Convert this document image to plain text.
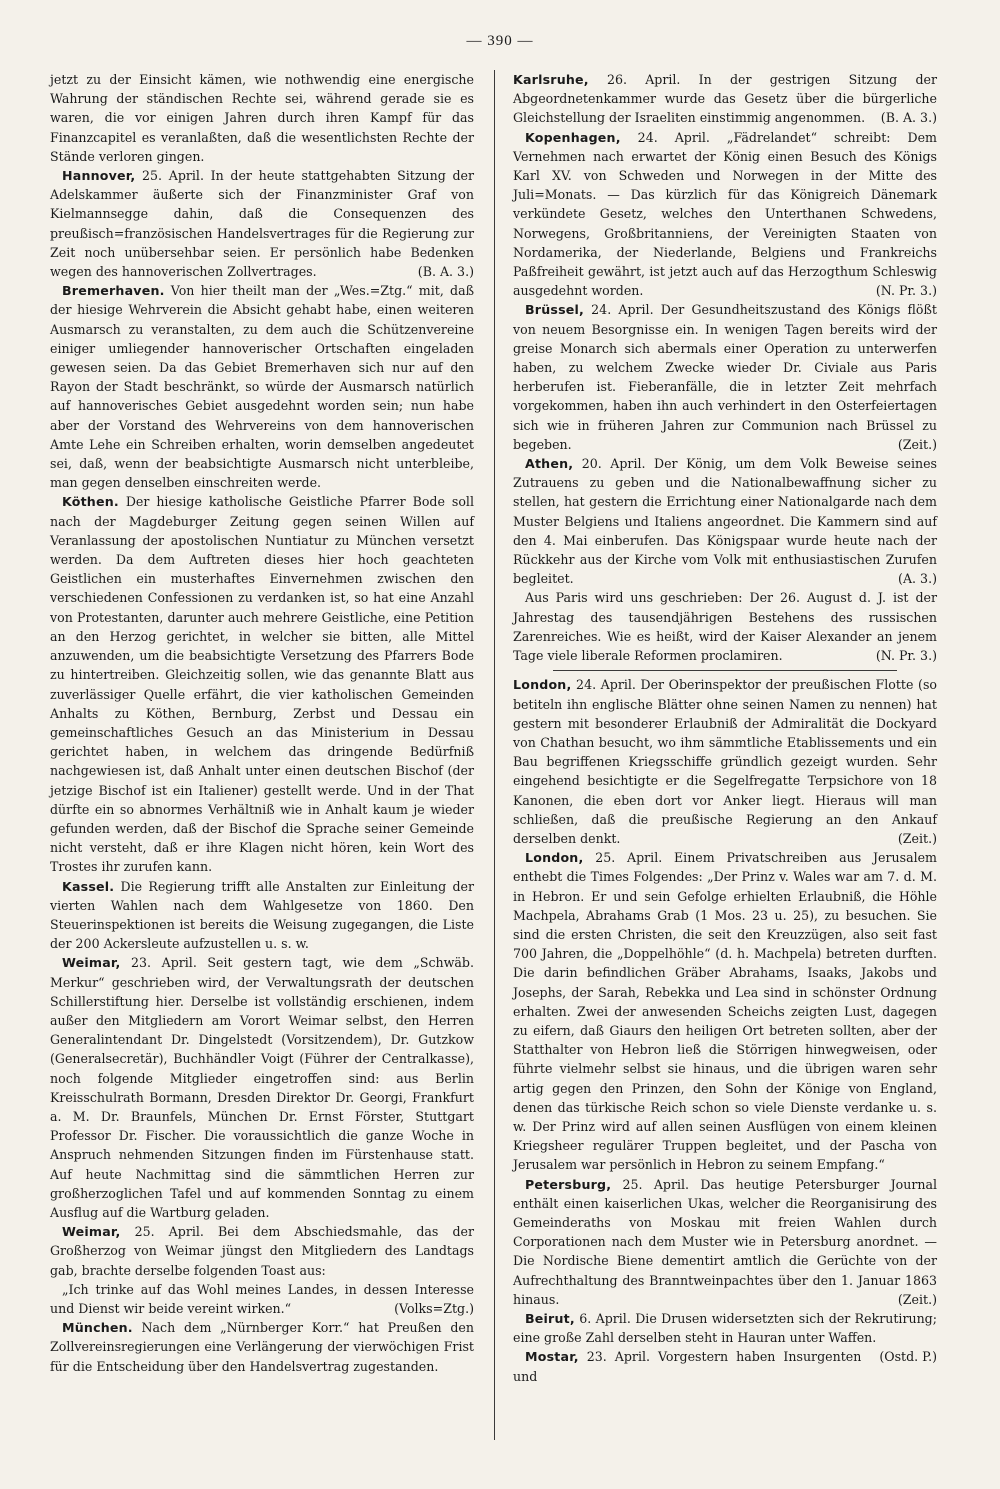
— 390 —

jetzt zu der Einsicht kämen, wie nothwendig eine energische Wahrung der ständischen Rechte sei, während gerade sie es waren, die vor einigen Jahren durch ihren Kampf für das Finanzcapitel es veranlaßten, daß die wesentlichsten Rechte der Stände verloren gingen.

Hannover, 25. April. In der heute stattgehabten Sitzung der Adelskammer äußerte sich der Finanzminister Graf von Kielmannsegge dahin, daß die Consequenzen des preußisch=französischen Handelsvertrages für die Regierung zur Zeit noch unübersehbar seien. Er persönlich habe Bedenken wegen des hannoverischen Zollvertrages.	(B. A. 3.)

Bremerhaven. Von hier theilt man der „Wes.=Ztg.“ mit, daß der hiesige Wehrverein die Absicht gehabt habe, einen weiteren Ausmarsch zu veranstalten, zu dem auch die Schützenvereine einiger umliegender hannoverischer Ortschaften eingeladen gewesen seien. Da das Gebiet Bremerhaven sich nur auf den Rayon der Stadt beschränkt, so würde der Ausmarsch natürlich auf hannoverisches Gebiet ausgedehnt worden sein; nun habe aber der Vorstand des Wehrvereins von dem hannoverischen Amte Lehe ein Schreiben erhalten, worin demselben angedeutet sei, daß, wenn der beabsichtigte Ausmarsch nicht unterbleibe, man gegen denselben einschreiten werde.

Köthen. Der hiesige katholische Geistliche Pfarrer Bode soll nach der Magdeburger Zeitung gegen seinen Willen auf Veranlassung der apostolischen Nuntiatur zu München versetzt werden. Da dem Auftreten dieses hier hoch geachteten Geistlichen ein musterhaftes Einvernehmen zwischen den verschiedenen Confessionen zu verdanken ist, so hat eine Anzahl von Protestanten, darunter auch mehrere Geistliche, eine Petition an den Herzog gerichtet, in welcher sie bitten, alle Mittel anzuwenden, um die beabsichtigte Versetzung des Pfarrers Bode zu hintertreiben. Gleichzeitig sollen, wie das genannte Blatt aus zuverlässiger Quelle erfährt, die vier katholischen Gemeinden Anhalts zu Köthen, Bernburg, Zerbst und Dessau ein gemeinschaftliches Gesuch an das Ministerium in Dessau gerichtet haben, in welchem das dringende Bedürfniß nachgewiesen ist, daß Anhalt unter einen deutschen Bischof (der jetzige Bischof ist ein Italiener) gestellt werde. Und in der That dürfte ein so abnormes Verhältniß wie in Anhalt kaum je wieder gefunden werden, daß der Bischof die Sprache seiner Gemeinde nicht versteht, daß er ihre Klagen nicht hören, kein Wort des Trostes ihr zurufen kann.

Kassel. Die Regierung trifft alle Anstalten zur Einleitung der vierten Wahlen nach dem Wahlgesetze von 1860. Den Steuerinspektionen ist bereits die Weisung zugegangen, die Liste der 200 Ackersleute aufzustellen u. s. w.

Weimar, 23. April. Seit gestern tagt, wie dem „Schwäb. Merkur“ geschrieben wird, der Verwaltungsrath der deutschen Schillerstiftung hier. Derselbe ist vollständig erschienen, indem außer den Mitgliedern am Vorort Weimar selbst, den Herren Generalintendant Dr. Dingelstedt (Vorsitzendem), Dr. Gutzkow (Generalsecretär), Buchhändler Voigt (Führer der Centralkasse), noch folgende Mitglieder eingetroffen sind: aus Berlin Kreisschulrath Bormann, Dresden Direktor Dr. Georgi, Frankfurt a. M. Dr. Braunfels, München Dr. Ernst Förster, Stuttgart Professor Dr. Fischer. Die voraussichtlich die ganze Woche in Anspruch nehmenden Sitzungen finden im Fürstenhause statt. Auf heute Nachmittag sind die sämmtlichen Herren zur großherzoglichen Tafel und auf kommenden Sonntag zu einem Ausflug auf die Wartburg geladen.

Weimar, 25. April. Bei dem Abschiedsmahle, das der Großherzog von Weimar jüngst den Mitgliedern des Landtags gab, brachte derselbe folgenden Toast aus:

„Ich trinke auf das Wohl meines Landes, in dessen Interesse und Dienst wir beide vereint wirken.“	(Volks=Ztg.)

München. Nach dem „Nürnberger Korr.“ hat Preußen den Zollvereinsregierungen eine Verlängerung der vierwöchigen Frist für die Entscheidung über den Handelsvertrag zugestanden.

Karlsruhe, 26. April. In der gestrigen Sitzung der Abgeordnetenkammer wurde das Gesetz über die bürgerliche Gleichstellung der Israeliten einstimmig angenommen.	(B. A. 3.)

Kopenhagen, 24. April. „Fädrelandet“ schreibt: Dem Vernehmen nach erwartet der König einen Besuch des Königs Karl XV. von Schweden und Norwegen in der Mitte des Juli=Monats. — Das kürzlich für das Königreich Dänemark verkündete Gesetz, welches den Unterthanen Schwedens, Norwegens, Großbritanniens, der Vereinigten Staaten von Nordamerika, der Niederlande, Belgiens und Frankreichs Paßfreiheit gewährt, ist jetzt auch auf das Herzogthum Schleswig ausgedehnt worden.	(N. Pr. 3.)

Brüssel, 24. April. Der Gesundheitszustand des Königs flößt von neuem Besorgnisse ein. In wenigen Tagen bereits wird der greise Monarch sich abermals einer Operation zu unterwerfen haben, zu welchem Zwecke wieder Dr. Civiale aus Paris herberufen ist. Fieberanfälle, die in letzter Zeit mehrfach vorgekommen, haben ihn auch verhindert in den Osterfeiertagen sich wie in früheren Jahren zur Communion nach Brüssel zu begeben.	(Zeit.)

Athen, 20. April. Der König, um dem Volk Beweise seines Zutrauens zu geben und die Nationalbewaffnung sicher zu stellen, hat gestern die Errichtung einer Nationalgarde nach dem Muster Belgiens und Italiens angeordnet. Die Kammern sind auf den 4. Mai einberufen. Das Königspaar wurde heute nach der Rückkehr aus der Kirche vom Volk mit enthusiastischen Zurufen begleitet.	(A. 3.)

Aus Paris wird uns geschrieben: Der 26. August d. J. ist der Jahrestag des tausendjährigen Bestehens des russischen Zarenreiches. Wie es heißt, wird der Kaiser Alexander an jenem Tage viele liberale Reformen proclamiren.	(N. Pr. 3.)

London, 24. April. Der Oberinspektor der preußischen Flotte (so betiteln ihn englische Blätter ohne seinen Namen zu nennen) hat gestern mit besonderer Erlaubniß der Admiralität die Dockyard von Chathan besucht, wo ihm sämmtliche Etablissements und ein Bau begriffenen Kriegsschiffe gründlich gezeigt wurden. Sehr eingehend besichtigte er die Segelfregatte Terpsichore von 18 Kanonen, die eben dort vor Anker liegt. Hieraus will man schließen, daß die preußische Regierung an den Ankauf derselben denkt.	(Zeit.)

London, 25. April. Einem Privatschreiben aus Jerusalem enthebt die Times Folgendes: „Der Prinz v. Wales war am 7. d. M. in Hebron. Er und sein Gefolge erhielten Erlaubniß, die Höhle Machpela, Abrahams Grab (1 Mos. 23 u. 25), zu besuchen. Sie sind die ersten Christen, die seit den Kreuzzügen, also seit fast 700 Jahren, die „Doppelhöhle“ (d. h. Machpela) betreten durften. Die darin befindlichen Gräber Abrahams, Isaaks, Jakobs und Josephs, der Sarah, Rebekka und Lea sind in schönster Ordnung erhalten. Zwei der anwesenden Scheichs zeigten Lust, dagegen zu eifern, daß Giaurs den heiligen Ort betreten sollten, aber der Statthalter von Hebron ließ die Störrigen hinwegweisen, oder führte vielmehr selbst sie hinaus, und die übrigen waren sehr artig gegen den Prinzen, den Sohn der Könige von England, denen das türkische Reich schon so viele Dienste verdanke u. s. w. Der Prinz wird auf allen seinen Ausflügen von einem kleinen Kriegsheer regulärer Truppen begleitet, und der Pascha von Jerusalem war persönlich in Hebron zu seinem Empfang.“

Petersburg, 25. April. Das heutige Petersburger Journal enthält einen kaiserlichen Ukas, welcher die Reorganisirung des Gemeinderaths von Moskau mit freien Wahlen durch Corporationen nach dem Muster wie in Petersburg anordnet. — Die Nordische Biene dementirt amtlich die Gerüchte von der Aufrechthaltung des Branntweinpachtes über den 1. Januar 1863 hinaus.	(Zeit.)

Beirut, 6. April. Die Drusen widersetzten sich der Rekrutirung; eine große Zahl derselben steht in Hauran unter Waffen.
(Ostd. P.)

Mostar, 23. April. Vorgestern haben Insurgenten und
